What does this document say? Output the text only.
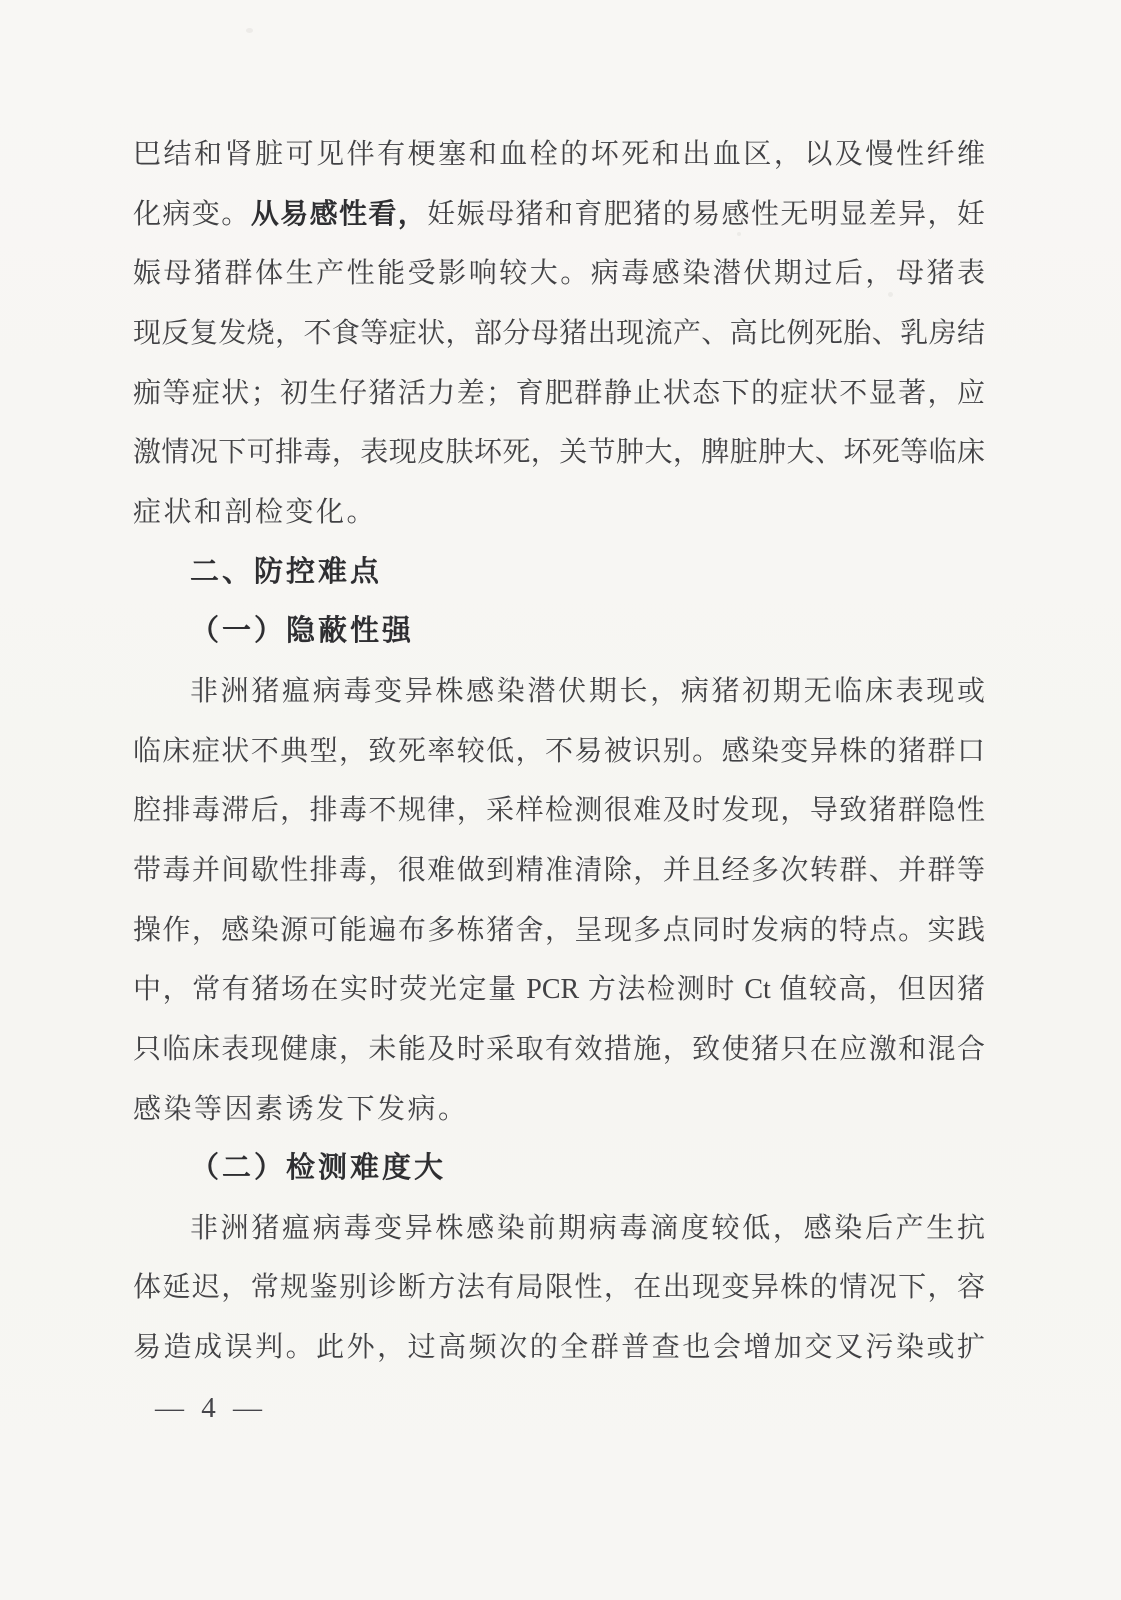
巴结和肾脏可见伴有梗塞和血栓的坏死和出血区，以及慢性纤维
化病变。从易感性看，妊娠母猪和育肥猪的易感性无明显差异，妊
娠母猪群体生产性能受影响较大。病毒感染潜伏期过后，母猪表
现反复发烧，不食等症状，部分母猪出现流产、高比例死胎、乳房结
痂等症状；初生仔猪活力差；育肥群静止状态下的症状不显著，应
激情况下可排毒，表现皮肤坏死，关节肿大，脾脏肿大、坏死等临床
症状和剖检变化。
二、防控难点
（一）隐蔽性强
非洲猪瘟病毒变异株感染潜伏期长，病猪初期无临床表现或
临床症状不典型，致死率较低，不易被识别。感染变异株的猪群口
腔排毒滞后，排毒不规律，采样检测很难及时发现，导致猪群隐性
带毒并间歇性排毒，很难做到精准清除，并且经多次转群、并群等
操作，感染源可能遍布多栋猪舍，呈现多点同时发病的特点。实践
中，常有猪场在实时荧光定量 PCR 方法检测时 Ct 值较高，但因猪
只临床表现健康，未能及时采取有效措施，致使猪只在应激和混合
感染等因素诱发下发病。
（二）检测难度大
非洲猪瘟病毒变异株感染前期病毒滴度较低，感染后产生抗
体延迟，常规鉴别诊断方法有局限性，在出现变异株的情况下，容
易造成误判。此外，过高频次的全群普查也会增加交叉污染或扩
— 4 —
